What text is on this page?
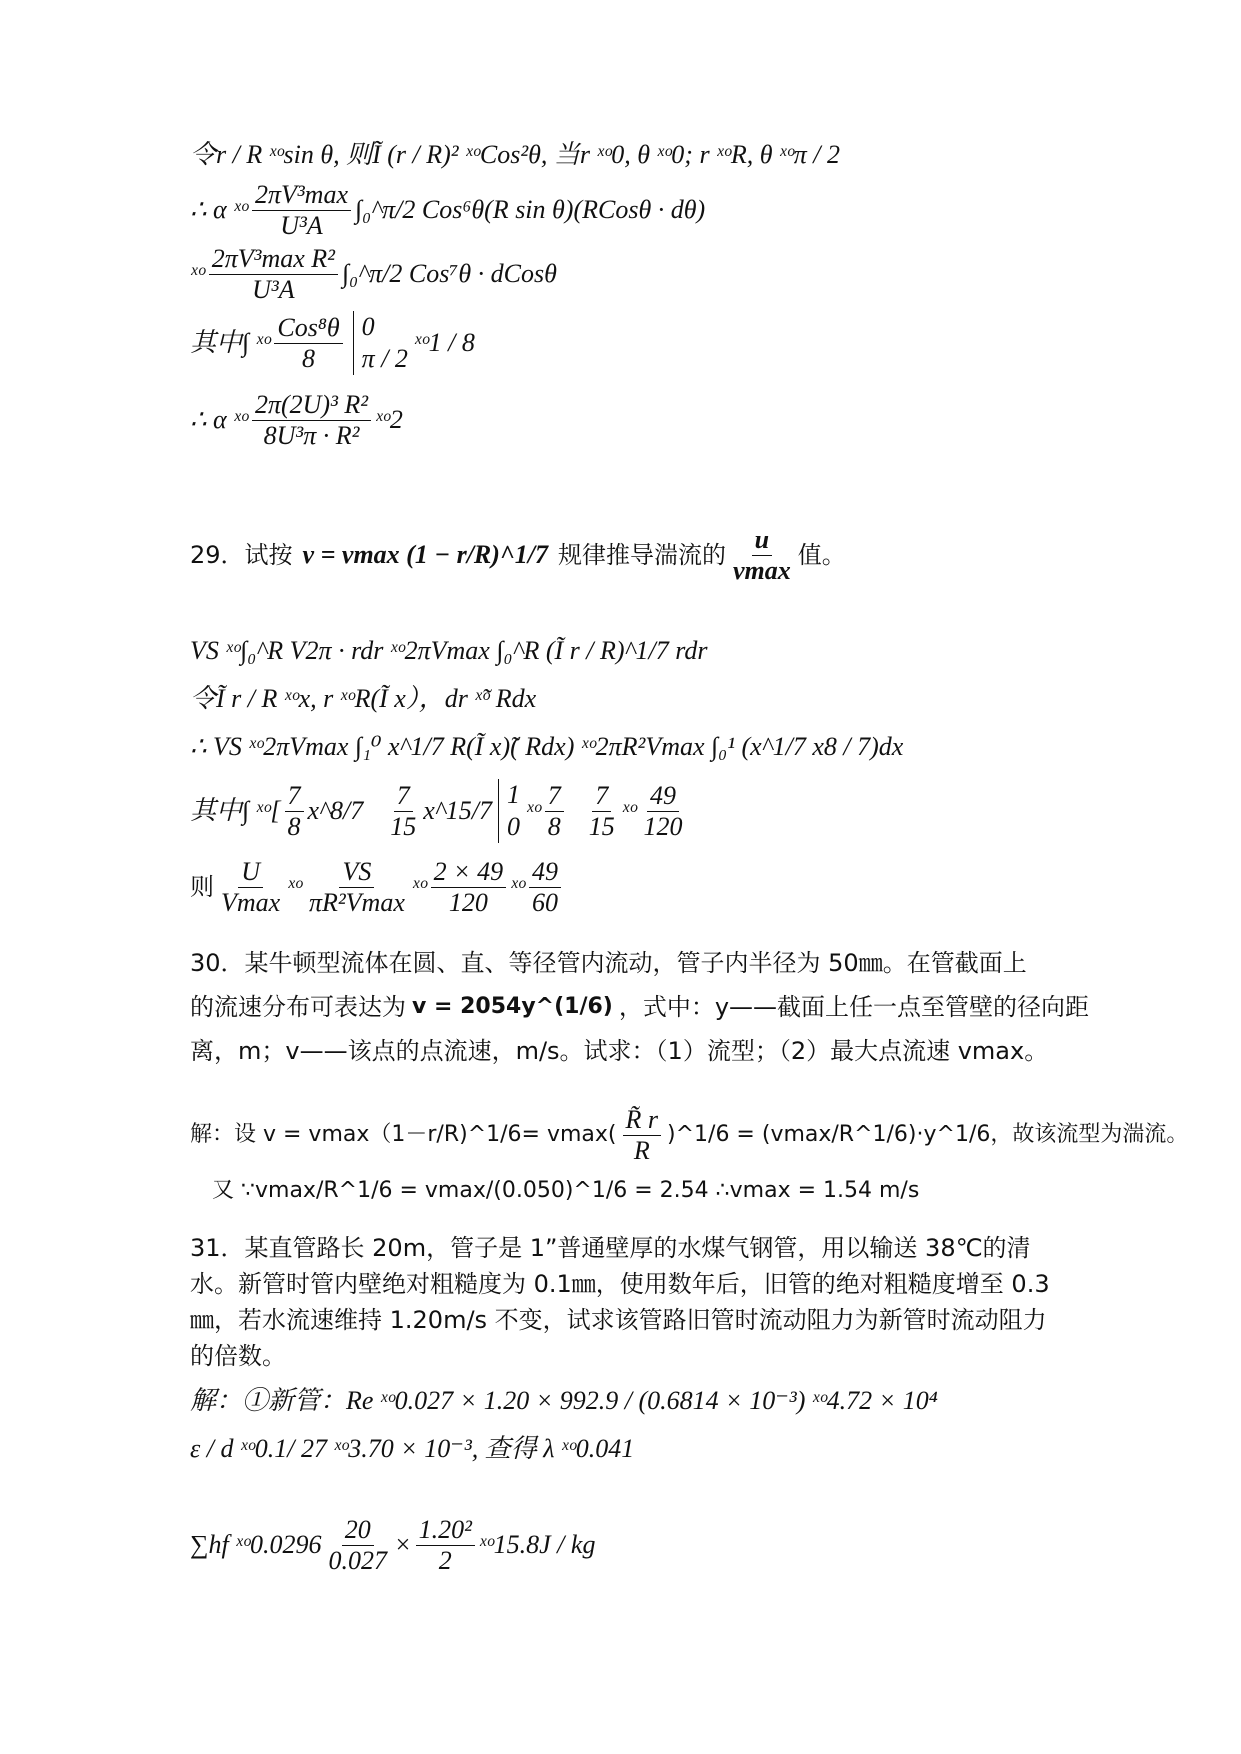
令r / R ˣᵒsin θ, 则Ĩ (r / R)² ˣᵒCos²θ, 当r ˣᵒ0, θ ˣᵒ0; r ˣᵒR, θ ˣᵒπ / 2
∴ α ˣᵒ $\frac{\text{2πV³max}}{\text{U³A}}$ ∫₀^π/2 Cos⁶θ(R sin θ)(RCosθ · dθ)
ˣᵒ $\frac{\text{2πV³max R²}}{\text{U³A}}$ ∫₀^π/2 Cos⁷θ · dCosθ
其中∫ ˣᵒ $\frac{\text{Cos⁸θ}}{8} 0$
π / 2
ˣᵒ1 / 8
∴ α ˣᵒ $\frac{\text{2π(2U)³ R²}}{\text{8U³π · R²}}$ ˣᵒ2
29．试按 v = vmax (1 − r/R)^1/7 规律推导湍流的 $\frac{u}{vmax}$ 值。
VS ˣᵒ∫₀^R V2π · rdr ˣᵒ2πVmax ∫₀^R (Ĩ r / R)^1/7 rdr
令Ĩ r / R ˣᵒx, r ˣᵒR(Ĩ x），dr ˣ̃ᵒ Rdx
∴ VS ˣᵒ2πVmax ∫₁⁰ x^1/7 R(Ĩ x)̃( Rdx) ˣᵒ2πR²Vmax ∫₀¹ (x^1/7 x8 / 7)dx
其中∫ ˣᵒ[ $\frac{7}{8}$ x^8/7 $\frac{7}{15}$ x^15/7
1
0
ˣᵒ $\frac{7}{8} \frac{7}{15}$ ˣᵒ $\frac{49}{120}$
则 $\frac{U}{Vmax}$ ˣᵒ $\frac{VS}{\text{πR²Vmax}}$ ˣᵒ $\frac{2 \times 49}{120}$ ˣᵒ $\frac{49}{60}$
30．某牛顿型流体在圆、直、等径管内流动，管子内半径为 50㎜。在管截面上
的流速分布可表达为 v = 2054y^(1/6) ，式中：y——截面上任一点至管壁的径向距
离，m；v——该点的点流速，m/s。试求：（1）流型；（2）最大点流速 vmax。
解：设 v = vmax（1－r/R)^1/6= $vmax( \frac{R̃ r}{R}$ )^1/6 = (vmax/R^1/6)·y^1/6，故该流型为湍流。
又 ∵vmax/R^1/6 = vmax/(0.050)^1/6 = 2.54 ∴vmax = 1.54 m/s
31．某直管路长 20m，管子是 1”普通壁厚的水煤气钢管，用以输送 38℃的清水。新管时管内壁绝对粗糙度为 0.1㎜，使用数年后，旧管的绝对粗糙度增至 0.3㎜，若水流速维持 1.20m/s 不变，试求该管路旧管时流动阻力为新管时流动阻力的倍数。
解：①新管：Re ˣᵒ0.027 × 1.20 × 992.9 / (0.6814 × 10⁻³) ˣᵒ4.72 × 10⁴
ε / d ˣᵒ0.1/ 27 ˣᵒ3.70 × 10⁻³, 查得 λ ˣᵒ0.041
∑hf ˣᵒ0.0296 $\frac{20}{0.027} \times \frac{\text{1.20²}}{2}$ ˣᵒ15.8J / kg
